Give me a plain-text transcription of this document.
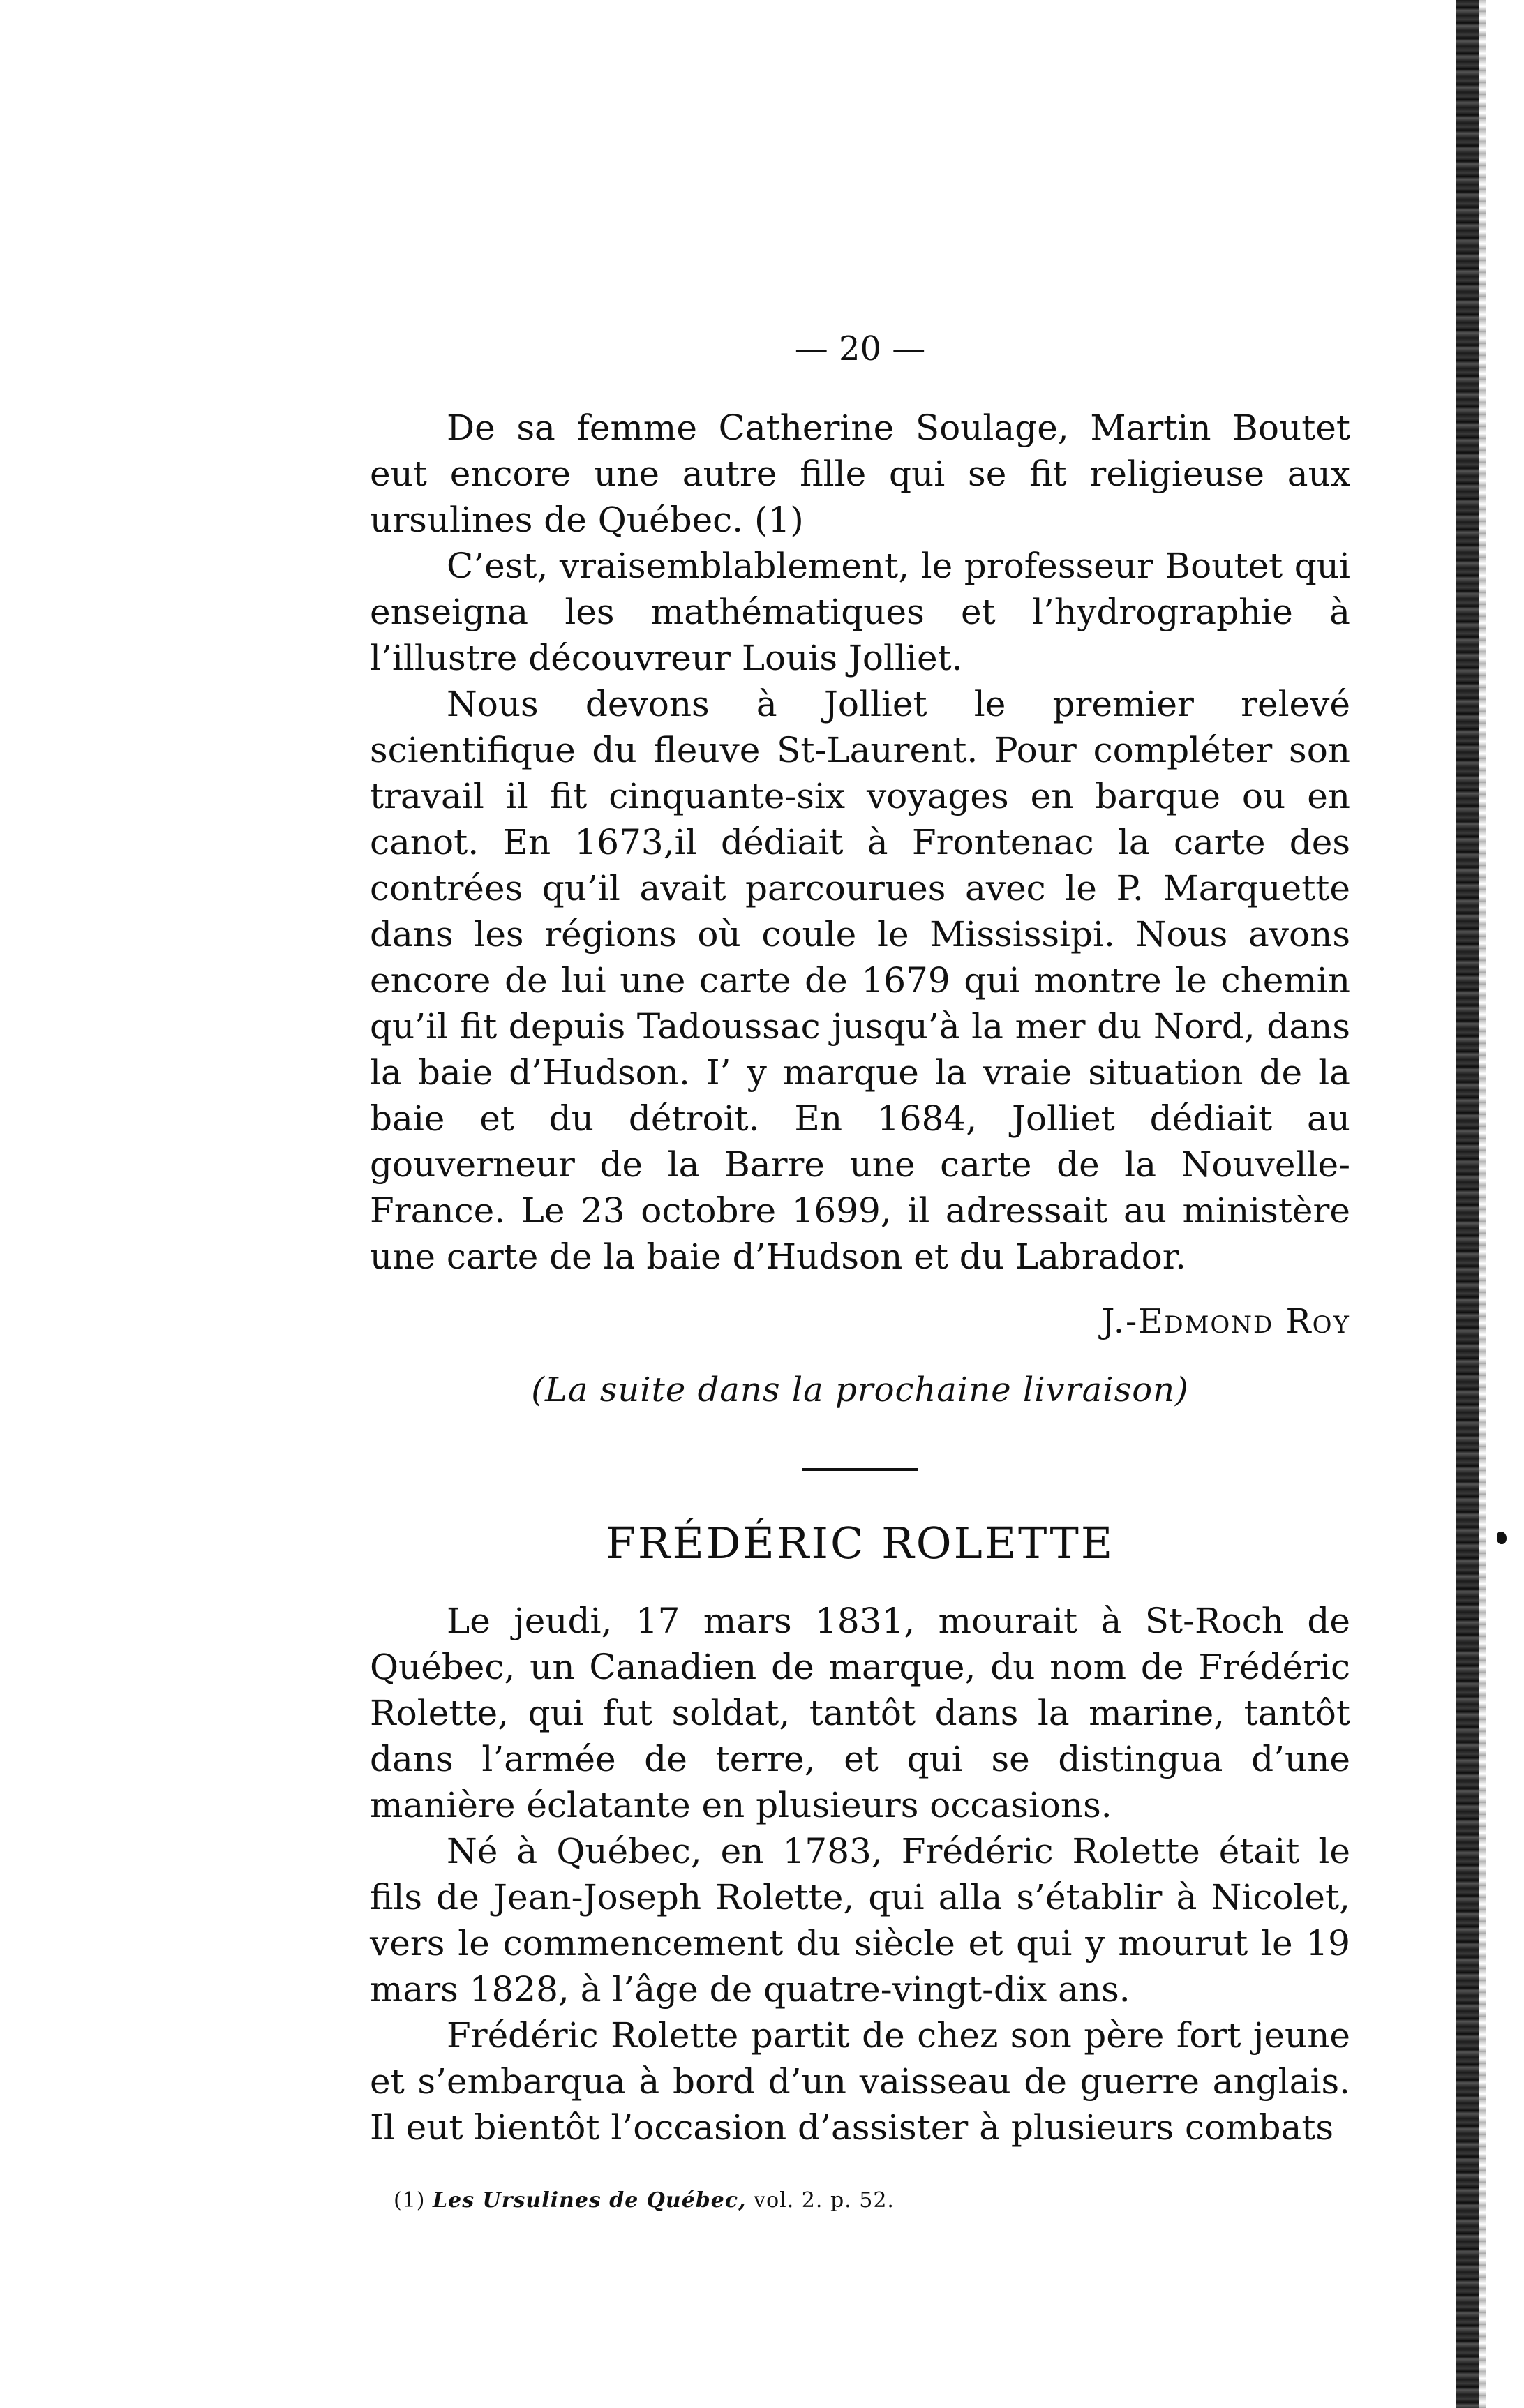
— 20 —

De sa femme Catherine Soulage, Martin Boutet eut encore une autre fille qui se fit religieuse aux ursulines de Québec. (1)

C’est, vraisemblablement, le professeur Boutet qui enseigna les mathématiques et l’hydrographie à l’illustre découvreur Louis Jolliet.

Nous devons à Jolliet le premier relevé scientifique du fleuve St-Laurent. Pour compléter son travail il fit cinquante-six voyages en barque ou en canot. En 1673,il dédiait à Frontenac la carte des contrées qu’il avait parcourues avec le P. Marquette dans les régions où coule le Mississipi. Nous avons encore de lui une carte de 1679 qui montre le chemin qu’il fit depuis Tadoussac jusqu’à la mer du Nord, dans la baie d’Hudson. I’ y marque la vraie situation de la baie et du détroit. En 1684, Jolliet dédiait au gouverneur de la Barre une carte de la Nouvelle-France. Le 23 octobre 1699, il adressait au ministère une carte de la baie d’Hudson et du Labrador.

J.-Edmond Roy
(La suite dans la prochaine livraison)
FRÉDÉRIC ROLETTE

Le jeudi, 17 mars 1831, mourait à St-Roch de Québec, un Canadien de marque, du nom de Frédéric Rolette, qui fut soldat, tantôt dans la marine, tantôt dans l’armée de terre, et qui se distingua d’une manière éclatante en plusieurs occasions.

Né à Québec, en 1783, Frédéric Rolette était le fils de Jean-Joseph Rolette, qui alla s’établir à Nicolet, vers le commencement du siècle et qui y mourut le 19 mars 1828, à l’âge de quatre-vingt-dix ans.

Frédéric Rolette partit de chez son père fort jeune et s’embarqua à bord d’un vaisseau de guerre anglais. Il eut bientôt l’occasion d’assister à plusieurs combats

(1) Les Ursulines de Québec, vol. 2. p. 52.
